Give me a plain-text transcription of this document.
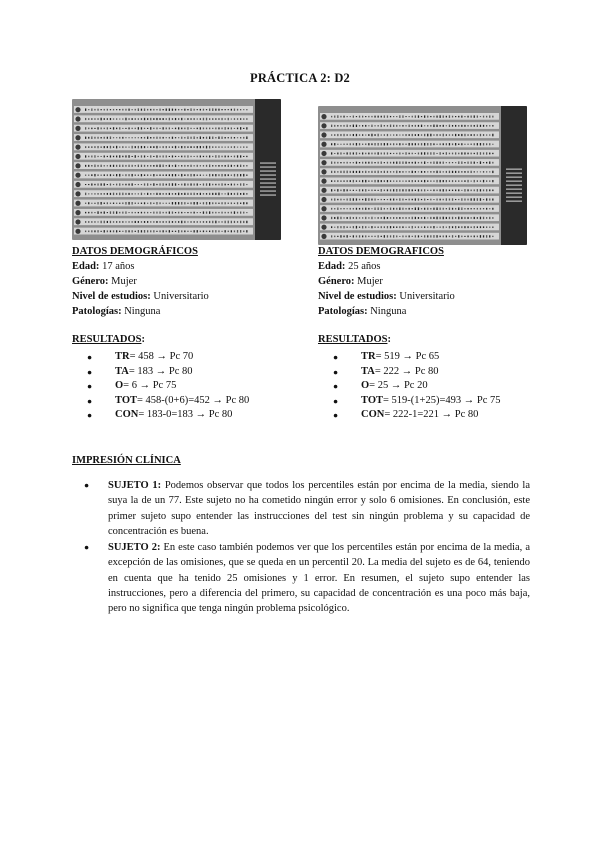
PRÁCTICA 2: D2
DATOS DEMOGRÁFICOS
Edad: 17 años
Género: Mujer
Nivel de estudios: Universitario
Patologías: Ninguna
RESULTADOS:
● TR= 458 → Pc 70
● TA= 183 → Pc 80
● O= 6 → Pc 75
● TOT= 458-(0+6)=452 → Pc 80
● CON= 183-0=183 → Pc 80
DATOS DEMOGRAFICOS
Edad: 25 años
Género: Mujer
Nivel de estudios: Universitario
Patologías: Ninguna
RESULTADOS:
● TR= 519 → Pc 65
● TA= 222 → Pc 80
● O= 25 → Pc 20
● TOT= 519-(1+25)=493 → Pc 75
● CON= 222-1=221 → Pc 80
IMPRESIÓN CLÍNICA
● SUJETO 1: Podemos observar que todos los percentiles están por encima de la media, siendo la suya la de un 77. Este sujeto no ha cometido ningún error y solo 6 omisiones. En conclusión, este primer sujeto supo entender las instrucciones del test sin ningún problema y su capacidad de concentración es buena.
● SUJETO 2: En este caso también podemos ver que los percentiles están por encima de la media, a excepción de las omisiones, que se queda en un percentil 20. La media del sujeto es de 64, teniendo en cuenta que ha tenido 25 omisiones y 1 error. En resumen, el sujeto supo entender las instrucciones, pero a diferencia del primero, su capacidad de concentración es una poco más baja, pero no significa que tenga ningún problema psicológico.
